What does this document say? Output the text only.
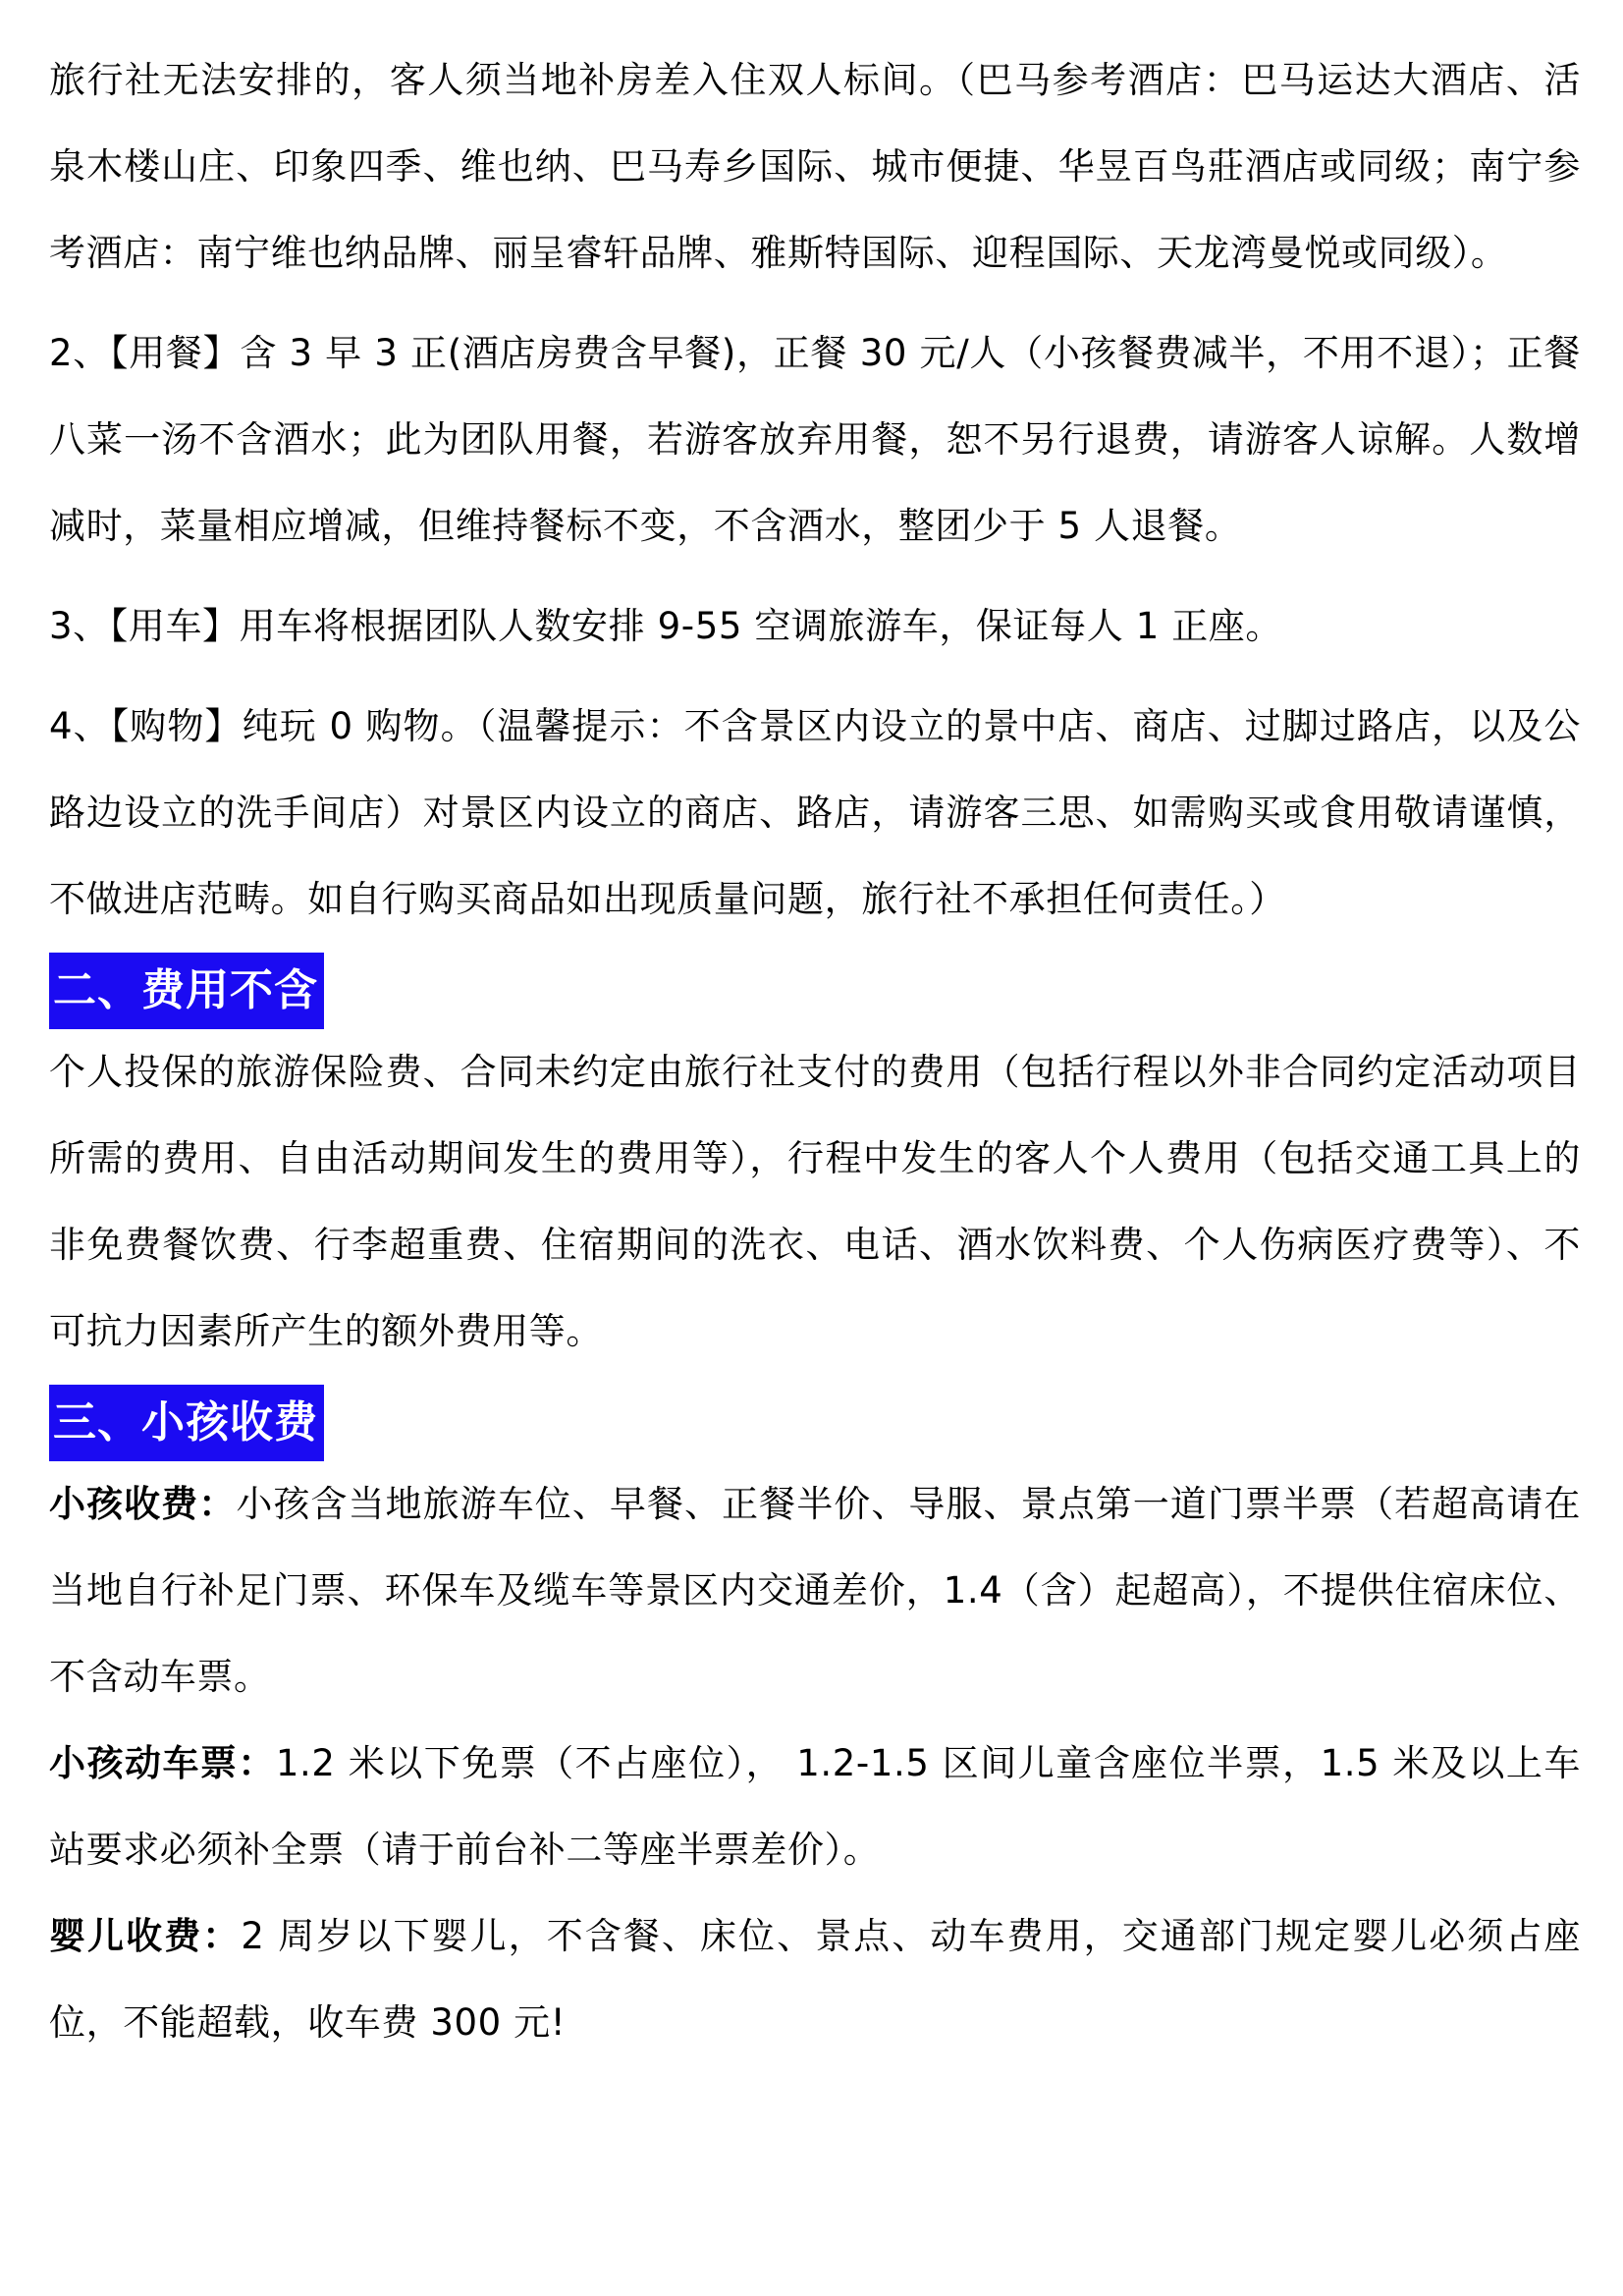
旅行社无法安排的，客人须当地补房差入住双人标间。（巴马参考酒店：巴马运达大酒店、活泉木楼山庄、印象四季、维也纳、巴马寿乡国际、城市便捷、华昱百鸟莊酒店或同级；南宁参考酒店：南宁维也纳品牌、丽呈睿轩品牌、雅斯特国际、迎程国际、天龙湾曼悦或同级）。

2、【用餐】含 3 早 3 正(酒店房费含早餐)，正餐 30 元/人（小孩餐费减半，不用不退）；正餐八菜一汤不含酒水；此为团队用餐，若游客放弃用餐，恕不另行退费，请游客人谅解。人数增减时，菜量相应增减，但维持餐标不变，不含酒水，整团少于 5 人退餐。

3、【用车】用车将根据团队人数安排 9-55 空调旅游车，保证每人 1 正座。

4、【购物】纯玩 0 购物。（温馨提示：不含景区内设立的景中店、商店、过脚过路店，以及公路边设立的洗手间店）对景区内设立的商店、路店，请游客三思、如需购买或食用敬请谨慎，不做进店范畴。如自行购买商品如出现质量问题，旅行社不承担任何责任。）

二、费用不含

个人投保的旅游保险费、合同未约定由旅行社支付的费用（包括行程以外非合同约定活动项目所需的费用、自由活动期间发生的费用等），行程中发生的客人个人费用（包括交通工具上的非免费餐饮费、行李超重费、住宿期间的洗衣、电话、酒水饮料费、个人伤病医疗费等）、不可抗力因素所产生的额外费用等。

三、小孩收费

小孩收费：小孩含当地旅游车位、早餐、正餐半价、导服、景点第一道门票半票（若超高请在当地自行补足门票、环保车及缆车等景区内交通差价，1.4（含）起超高），不提供住宿床位、不含动车票。

小孩动车票：1.2 米以下免票（不占座位）， 1.2-1.5 区间儿童含座位半票，1.5 米及以上车站要求必须补全票（请于前台补二等座半票差价）。

婴儿收费：2 周岁以下婴儿，不含餐、床位、景点、动车费用，交通部门规定婴儿必须占座位，不能超载，收车费 300 元!
